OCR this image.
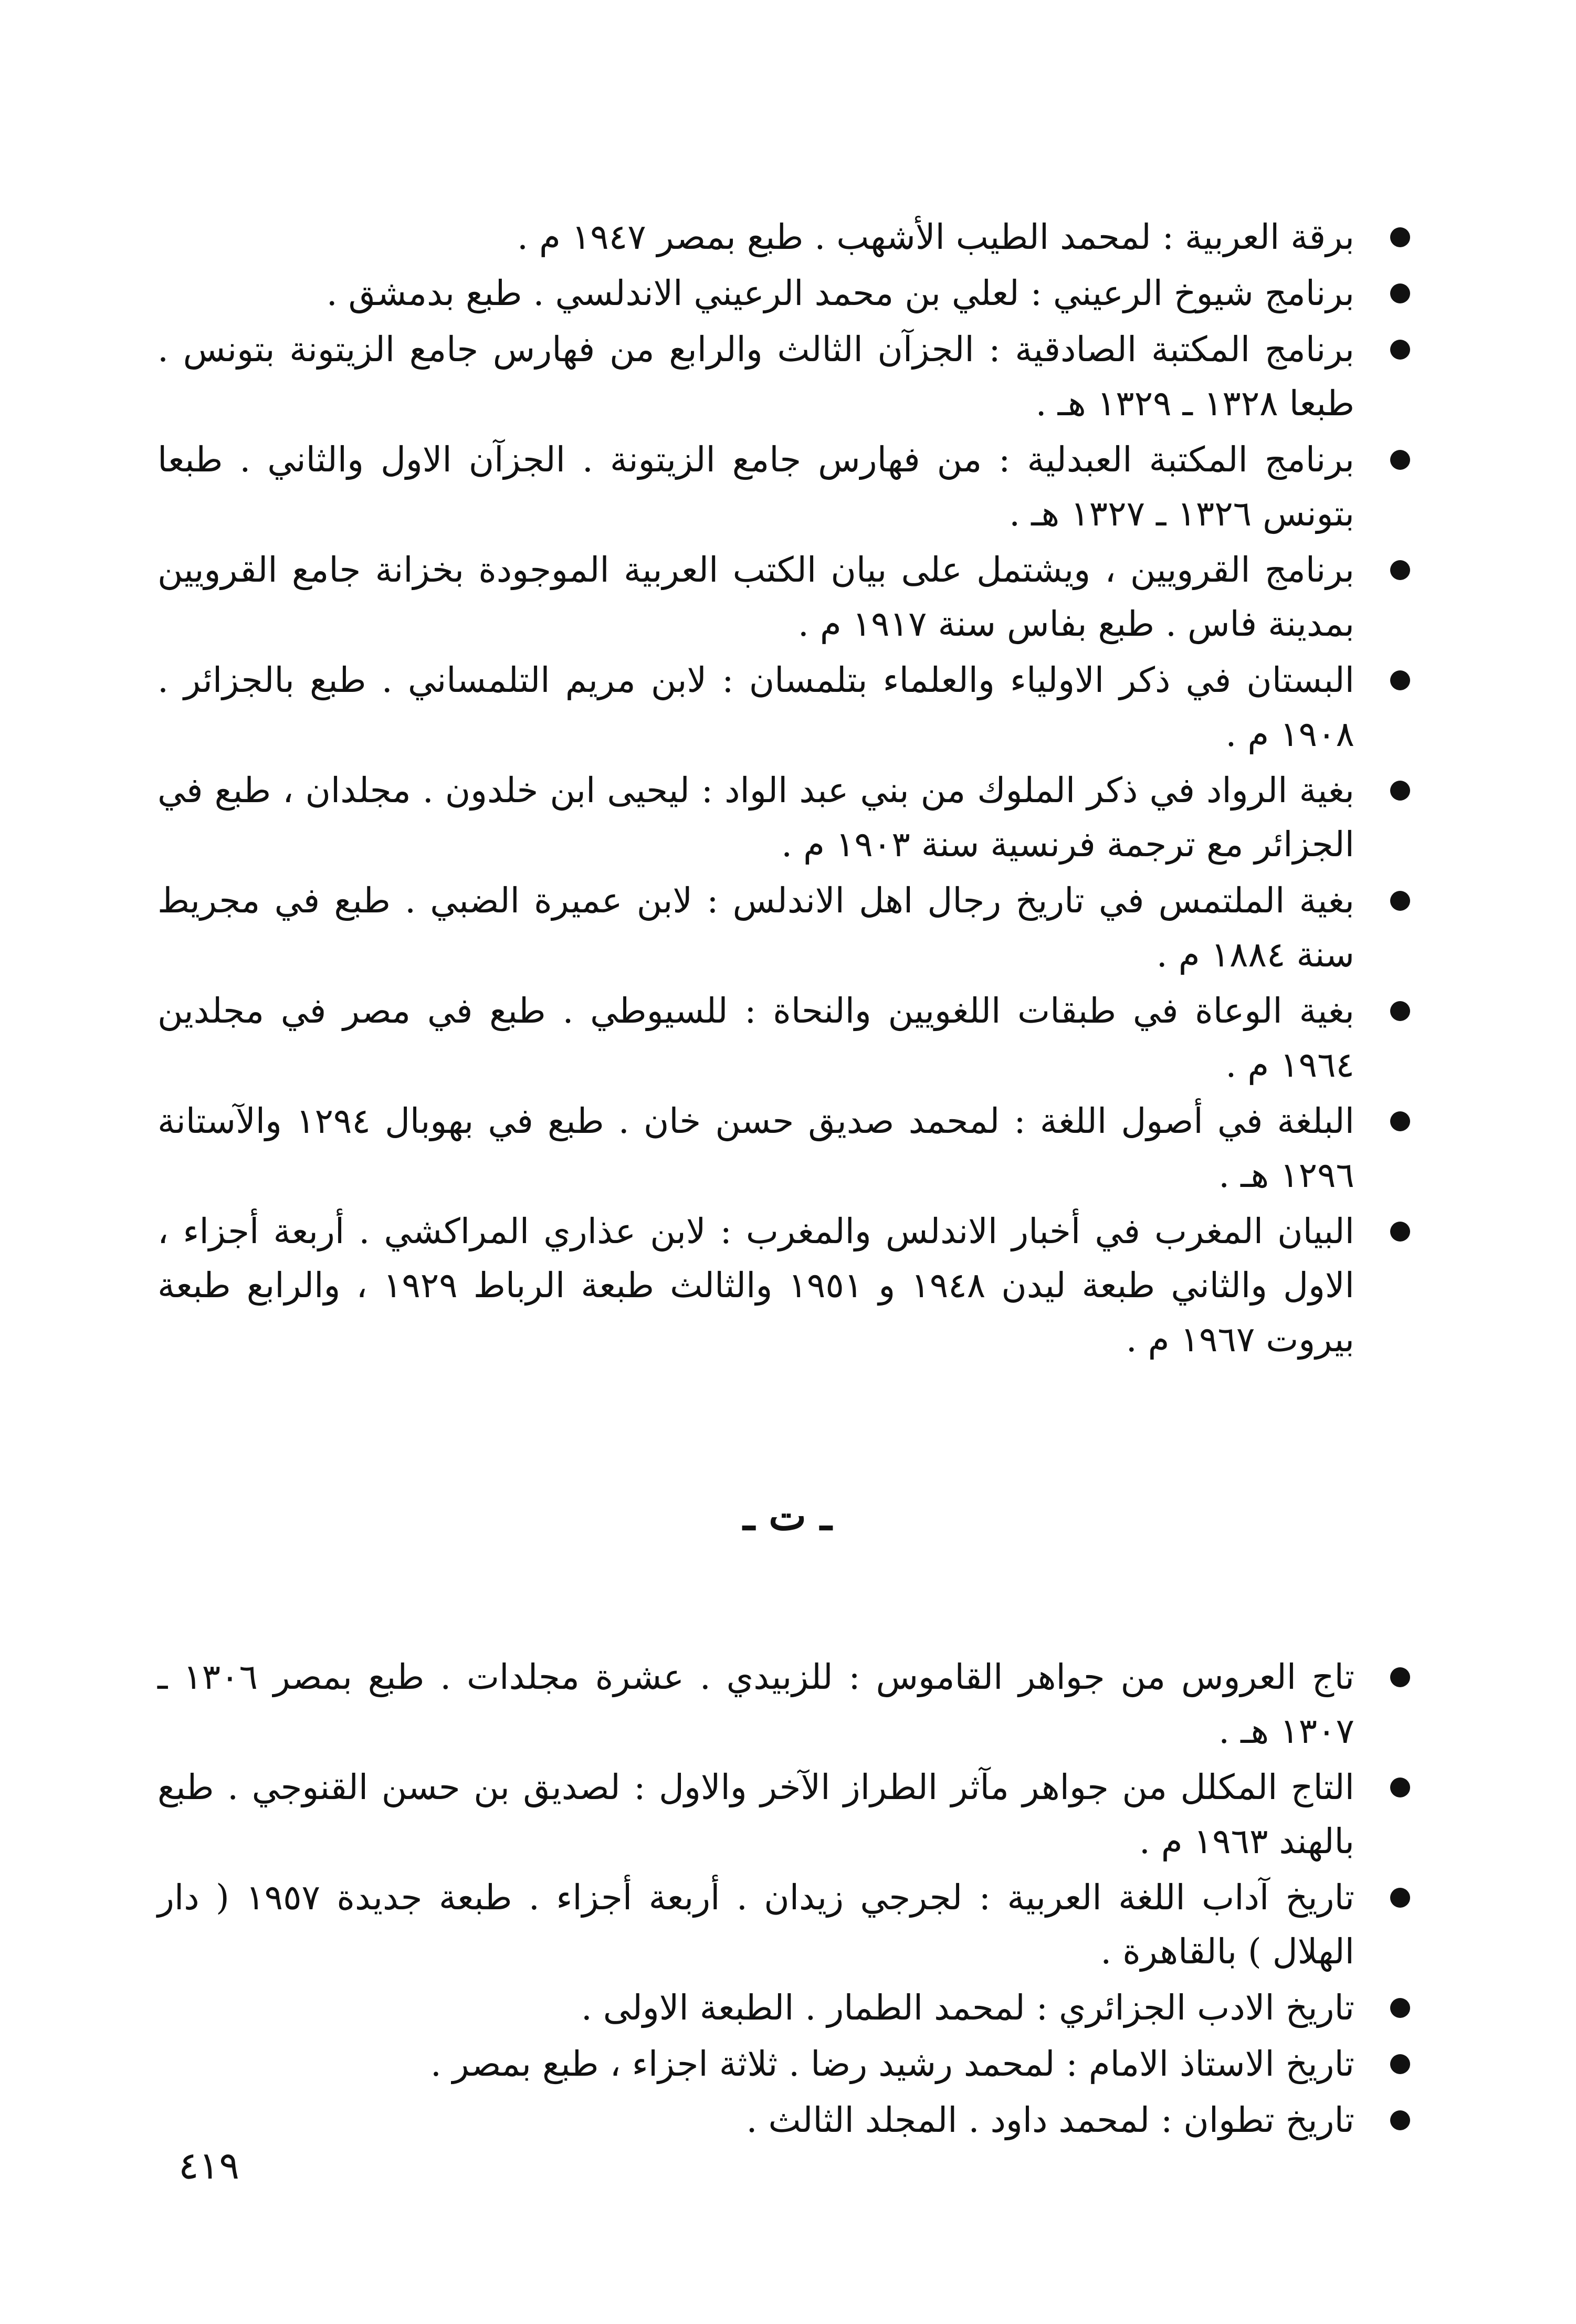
برقة العربية : لمحمد الطيب الأشهب . طبع بمصر ١٩٤٧ م .
برنامج شيوخ الرعيني : لعلي بن محمد الرعيني الاندلسي . طبع بدمشق .
برنامج المكتبة الصادقية : الجزآن الثالث والرابع من فهارس جامع الزيتونة بتونس . طبعا ١٣٢٨ ـ ١٣٢٩ هـ .
برنامج المكتبة العبدلية : من فهارس جامع الزيتونة . الجزآن الاول والثاني . طبعا بتونس ١٣٢٦ ـ ١٣٢٧ هـ .
برنامج القرويين ، ويشتمل على بيان الكتب العربية الموجودة بخزانة جامع القرويين بمدينة فاس . طبع بفاس سنة ١٩١٧ م .
البستان في ذكر الاولياء والعلماء بتلمسان : لابن مريم التلمساني . طبع بالجزائر . ١٩٠٨ م .
بغية الرواد في ذكر الملوك من بني عبد الواد : ليحيى ابن خلدون . مجلدان ، طبع في الجزائر مع ترجمة فرنسية سنة ١٩٠٣ م .
بغية الملتمس في تاريخ رجال اهل الاندلس : لابن عميرة الضبي . طبع في مجريط سنة ١٨٨٤ م .
بغية الوعاة في طبقات اللغويين والنحاة : للسيوطي . طبع في مصر في مجلدين ١٩٦٤ م .
البلغة في أصول اللغة : لمحمد صديق حسن خان . طبع في بهوبال ١٢٩٤ والآستانة ١٢٩٦ هـ .
البيان المغرب في أخبار الاندلس والمغرب : لابن عذاري المراكشي . أربعة أجزاء ، الاول والثاني طبعة ليدن ١٩٤٨ و ١٩٥١ والثالث طبعة الرباط ١٩٢٩ ، والرابع طبعة بيروت ١٩٦٧ م .
ـ ت ـ
تاج العروس من جواهر القاموس : للزبيدي . عشرة مجلدات . طبع بمصر ١٣٠٦ ـ ١٣٠٧ هـ .
التاج المكلل من جواهر مآثر الطراز الآخر والاول : لصديق بن حسن القنوجي . طبع بالهند ١٩٦٣ م .
تاريخ آداب اللغة العربية : لجرجي زيدان . أربعة أجزاء . طبعة جديدة ١٩٥٧ ( دار الهلال ) بالقاهرة .
تاريخ الادب الجزائري : لمحمد الطمار . الطبعة الاولى .
تاريخ الاستاذ الامام : لمحمد رشيد رضا . ثلاثة اجزاء ، طبع بمصر .
تاريخ تطوان : لمحمد داود . المجلد الثالث .
٤١٩
